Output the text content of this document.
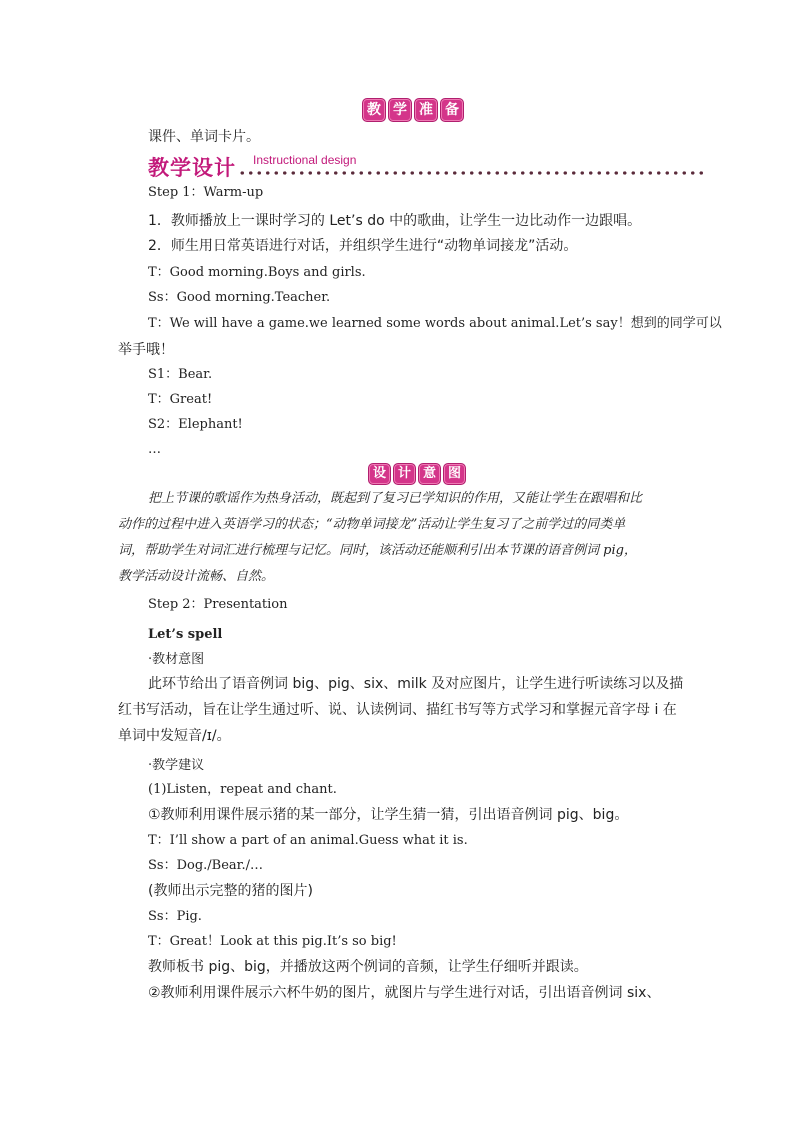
教 学 准 备
课件、单词卡片。
教学设计 Instructional design
Step 1：Warm-up
1．教师播放上一课时学习的 Let’s do 中的歌曲，让学生一边比动作一边跟唱。
2．师生用日常英语进行对话，并组织学生进行“动物单词接龙”活动。
T：Good morning.Boys and girls.
Ss：Good morning.Teacher.
T：We will have a game.we learned some words about animal.Let’s say！想到的同学可以
举手哦！
S1：Bear.
T：Great!
S2：Elephant!
…
设 计 意 图
把上节课的歌谣作为热身活动，既起到了复习已学知识的作用，又能让学生在跟唱和比
动作的过程中进入英语学习的状态；“动物单词接龙”活动让学生复习了之前学过的同类单
词，帮助学生对词汇进行梳理与记忆。同时，该活动还能顺利引出本节课的语音例词 pig，
教学活动设计流畅、自然。
Step 2：Presentation
Let’s spell
·教材意图
此环节给出了语音例词 big、pig、six、milk 及对应图片，让学生进行听读练习以及描
红书写活动，旨在让学生通过听、说、认读例词、描红书写等方式学习和掌握元音字母 i 在
单词中发短音/ɪ/。
·教学建议
(1)Listen，repeat and chant.
①教师利用课件展示猪的某一部分，让学生猜一猜，引出语音例词 pig、big。
T：I’ll show a part of an animal.Guess what it is.
Ss：Dog./Bear./…
(教师出示完整的猪的图片)
Ss：Pig.
T：Great！Look at this pig.It’s so big!
教师板书 pig、big，并播放这两个例词的音频，让学生仔细听并跟读。
②教师利用课件展示六杯牛奶的图片，就图片与学生进行对话，引出语音例词 six、
